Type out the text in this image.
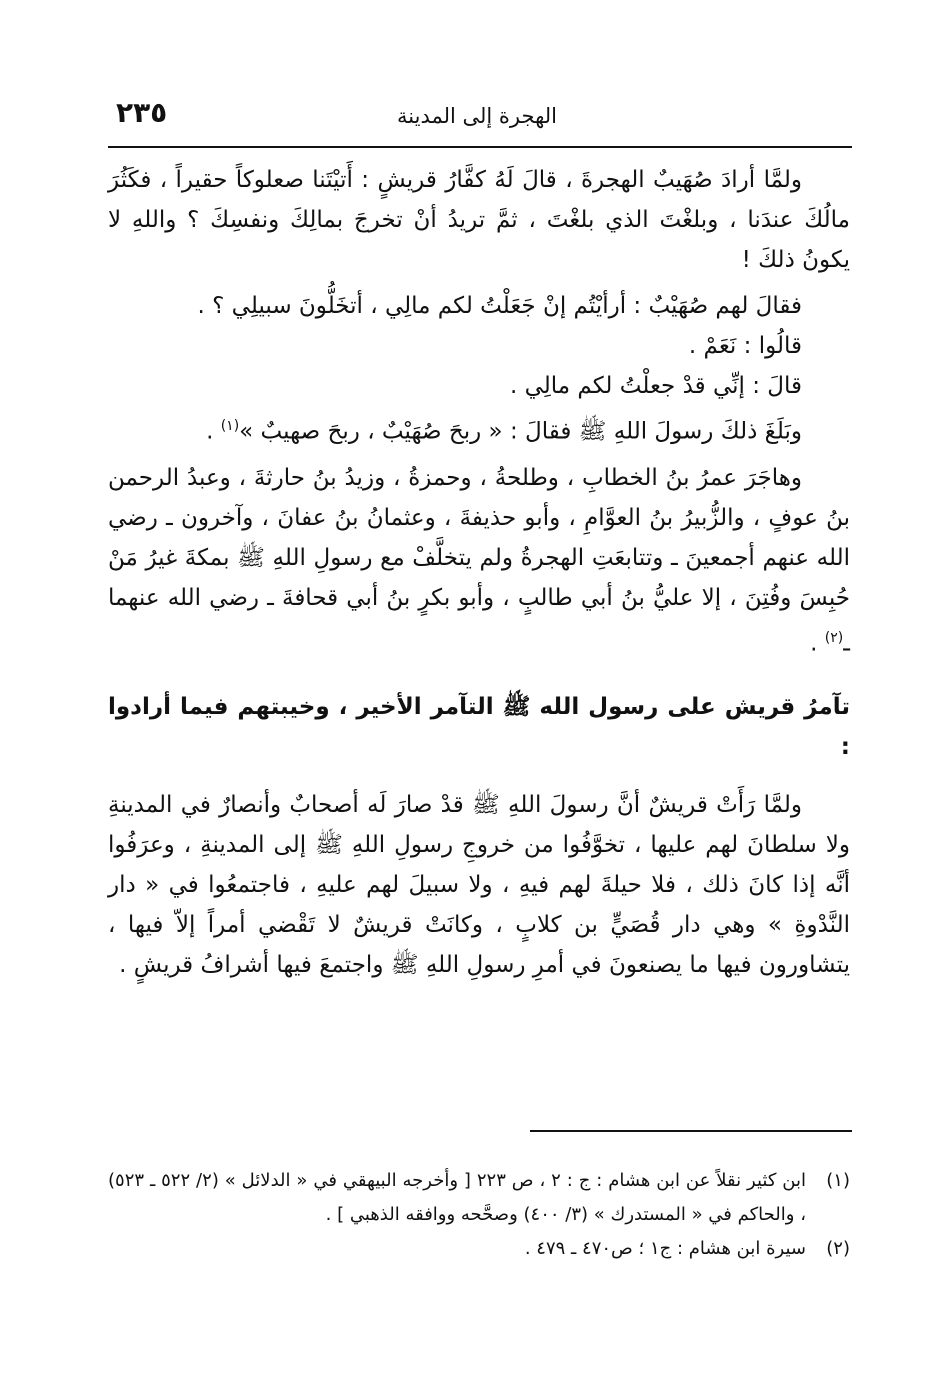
الهجرة إلى المدينة
٢٣٥

ولمَّا أرادَ صُهَيبٌ الهجرةَ ، قالَ لَهُ كفَّارُ قريشٍ : أَتيْتَنا صعلوكاً حقيراً ، فكَثُرَ مالُكَ عندَنا ، وبلغْتَ الذي بلغْتَ ، ثمَّ تريدُ أنْ تخرجَ بمالِكَ ونفسِكَ ؟ واللهِ لا يكونُ ذلكَ !

فقالَ لهم صُهَيْبٌ : أرأيْتُم إنْ جَعَلْتُ لكم مالِي ، أتخَلُّونَ سبيلِي ؟ .

قالُوا : نَعَمْ .

قالَ : إنِّي قدْ جعلْتُ لكم مالِي .

وبَلَغَ ذلكَ رسولَ اللهِ ﷺ فقالَ : « ربحَ صُهَيْبٌ ، ربحَ صهيبٌ »$^{(١)}$ .

وهاجَرَ عمرُ بنُ الخطابِ ، وطلحةُ ، وحمزةُ ، وزيدُ بنُ حارثةَ ، وعبدُ الرحمن بنُ عوفٍ ، والزُّبيرُ بنُ العوَّامِ ، وأبو حذيفةَ ، وعثمانُ بنُ عفانَ ، وآخرون ـ رضي الله عنهم أجمعينَ ـ وتتابعَتِ الهجرةُ ولم يتخلَّفْ مع رسولِ اللهِ ﷺ بمكةَ غيرُ مَنْ حُبِسَ وفُتِنَ ، إلا عليُّ بنُ أبي طالبٍ ، وأبو بكرٍ بنُ أبي قحافةَ ـ رضي الله عنهما ـ$^{(٢)}$ .

تآمرُ قريش على رسول الله ﷺ التآمر الأخير ، وخيبتهم فيما أرادوا :

ولمَّا رَأَتْ قريشٌ أنَّ رسولَ اللهِ ﷺ قدْ صارَ لَه أصحابٌ وأنصارٌ في المدينةِ ولا سلطانَ لهم عليها ، تخوَّفُوا من خروجِ رسولِ اللهِ ﷺ إلى المدينةِ ، وعرَفُوا أنَّه إذا كانَ ذلك ، فلا حيلةَ لهم فيهِ ، ولا سبيلَ لهم عليهِ ، فاجتمعُوا في « دار النَّدْوةِ » وهي دار قُصَيٍّ بن كلابٍ ، وكانَتْ قريشٌ لا تَقْضي أمراً إلاّ فيها ، يتشاورون فيها ما يصنعونَ في أمرِ رسولِ اللهِ ﷺ واجتمعَ فيها أشرافُ قريشٍ .

(١)
ابن كثير نقلاً عن ابن هشام : ج : ٢ ، ص ٢٢٣ [ وأخرجه البيهقي في « الدلائل » (٢/ ٥٢٢ ـ ٥٢٣) ، والحاكم في « المستدرك » (٣/ ٤٠٠) وصحَّحه ووافقه الذهبي ] .

(٢)
سيرة ابن هشام : ج١ ؛ ص٤٧٠ ـ ٤٧٩ .
